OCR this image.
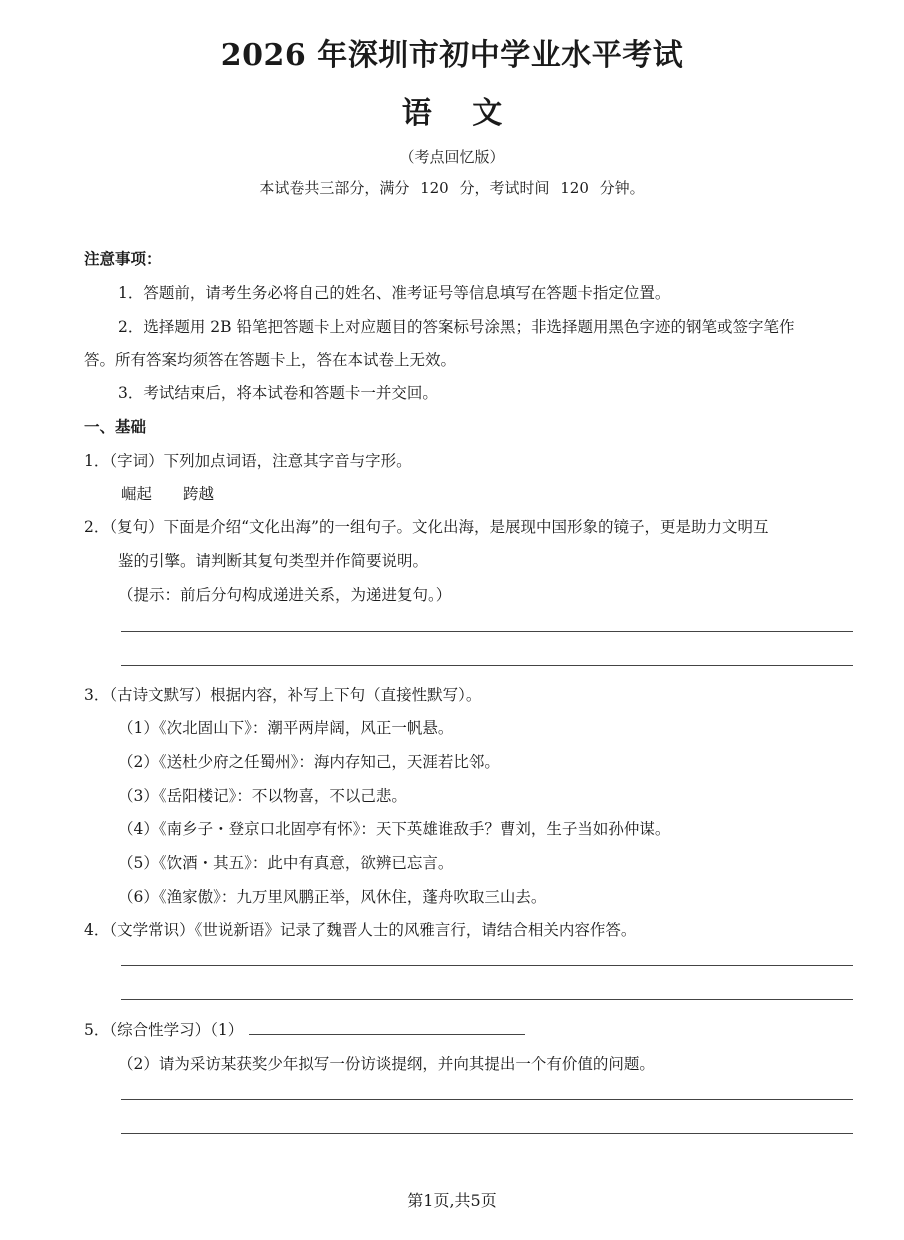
2026 年深圳市初中学业水平考试
语 文
（考点回忆版）
本试卷共三部分，满分 120 分，考试时间 120 分钟。
注意事项：
1．答题前，请考生务必将自己的姓名、准考证号等信息填写在答题卡指定位置。
2．选择题用 2B 铅笔把答题卡上对应题目的答案标号涂黑；非选择题用黑色字迹的钢笔或签字笔作
答。所有答案均须答在答题卡上，答在本试卷上无效。
3．考试结束后，将本试卷和答题卡一并交回。
一、基础
1．（字词）下列加点词语，注意其字音与字形。
崛起　　跨越
2．（复句）下面是介绍“文化出海”的一组句子。文化出海，是展现中国形象的镜子，更是助力文明互
鉴的引擎。请判断其复句类型并作简要说明。
（提示：前后分句构成递进关系，为递进复句。）
3．（古诗文默写）根据内容，补写上下句（直接性默写）。
（1）《次北固山下》：潮平两岸阔，风正一帆悬。
（2）《送杜少府之任蜀州》：海内存知己，天涯若比邻。
（3）《岳阳楼记》：不以物喜，不以己悲。
（4）《南乡子・登京口北固亭有怀》：天下英雄谁敌手？曹刘，生子当如孙仲谋。
（5）《饮酒・其五》：此中有真意，欲辨已忘言。
（6）《渔家傲》：九万里风鹏正举，风休住，蓬舟吹取三山去。
4．（文学常识）《世说新语》记录了魏晋人士的风雅言行，请结合相关内容作答。
5．（综合性学习）（1）
（2）请为采访某获奖少年拟写一份访谈提纲，并向其提出一个有价值的问题。
第1页,共5页
